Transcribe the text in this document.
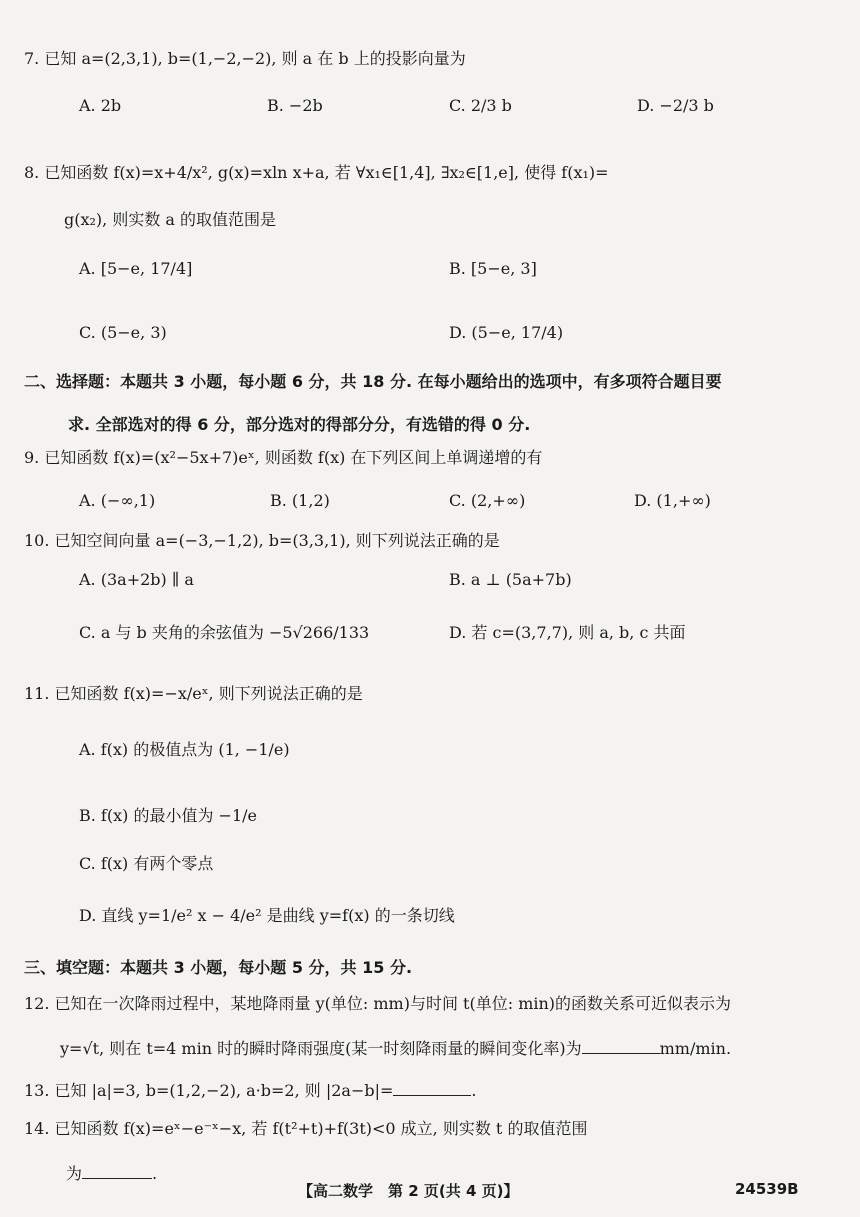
7. 已知 a=(2,3,1), b=(1,−2,−2), 则 a 在 b 上的投影向量为
A. 2b	B. −2b	C. 2/3 b	D. −2/3 b
8. 已知函数 f(x)=x+4/x², g(x)=xln x+a, 若 ∀x₁∈[1,4], ∃x₂∈[1,e], 使得 f(x₁)=
g(x₂), 则实数 a 的取值范围是
A. [5−e, 17/4]	B. [5−e, 3]
C. (5−e, 3)	D. (5−e, 17/4)
二、选择题：本题共 3 小题，每小题 6 分，共 18 分. 在每小题给出的选项中，有多项符合题目要
求. 全部选对的得 6 分，部分选对的得部分分，有选错的得 0 分.
9. 已知函数 f(x)=(x²−5x+7)eˣ, 则函数 f(x) 在下列区间上单调递增的有
A. (−∞,1)	B. (1,2)	C. (2,+∞)	D. (1,+∞)
10. 已知空间向量 a=(−3,−1,2), b=(3,3,1), 则下列说法正确的是
A. (3a+2b) ∥ a	B. a ⊥ (5a+7b)
C. a 与 b 夹角的余弦值为 −5√266/133	D. 若 c=(3,7,7), 则 a, b, c 共面
11. 已知函数 f(x)=−x/eˣ, 则下列说法正确的是
A. f(x) 的极值点为 (1, −1/e)
B. f(x) 的最小值为 −1/e
C. f(x) 有两个零点
D. 直线 y=1/e² x − 4/e² 是曲线 y=f(x) 的一条切线
三、填空题：本题共 3 小题，每小题 5 分，共 15 分.
12. 已知在一次降雨过程中，某地降雨量 y(单位: mm)与时间 t(单位: min)的函数关系可近似表示为
y=√t, 则在 t=4 min 时的瞬时降雨强度(某一时刻降雨量的瞬间变化率)为	mm/min.
13. 已知 |a|=3, b=(1,2,−2), a·b=2, 则 |2a−b|=	.
14. 已知函数 f(x)=eˣ−e⁻ˣ−x, 若 f(t²+t)+f(3t)<0 成立, 则实数 t 的取值范围
为	.
【高二数学　第 2 页(共 4 页)】	24539B
